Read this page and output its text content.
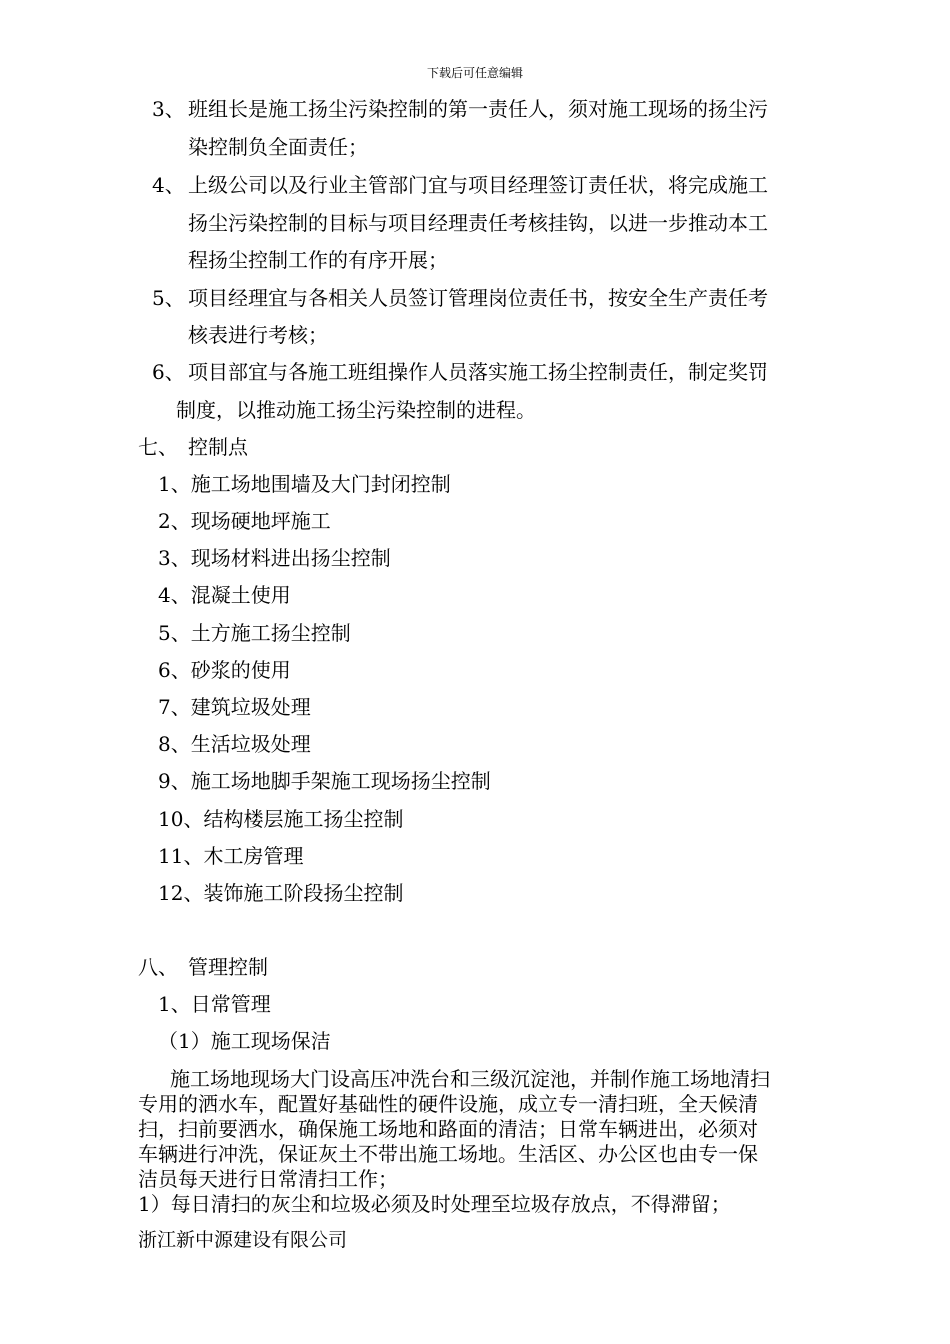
下载后可任意编辑
3、 班组长是施工扬尘污染控制的第一责任人，须对施工现场的扬尘污
染控制负全面责任；
4、 上级公司以及行业主管部门宜与项目经理签订责任状，将完成施工
扬尘污染控制的目标与项目经理责任考核挂钩，以进一步推动本工
程扬尘控制工作的有序开展；
5、 项目经理宜与各相关人员签订管理岗位责任书，按安全生产责任考
核表进行考核；
6、 项目部宜与各施工班组操作人员落实施工扬尘控制责任，制定奖罚
制度，以推动施工扬尘污染控制的进程。
七、　控制点
1、施工场地围墙及大门封闭控制
2、现场硬地坪施工
3、现场材料进出扬尘控制
4、混凝土使用
5、土方施工扬尘控制
6、砂浆的使用
7、建筑垃圾处理
8、生活垃圾处理
9、施工场地脚手架施工现场扬尘控制
10、结构楼层施工扬尘控制
11、木工房管理
12、装饰施工阶段扬尘控制
八、　管理控制
1、日常管理
（1）施工现场保洁
施工场地现场大门设高压冲洗台和三级沉淀池，并制作施工场地清扫
专用的洒水车，配置好基础性的硬件设施，成立专一清扫班，全天候清
扫，扫前要洒水，确保施工场地和路面的清洁；日常车辆进出，必须对
车辆进行冲洗，保证灰土不带出施工场地。生活区、办公区也由专一保
洁员每天进行日常清扫工作；
1）每日清扫的灰尘和垃圾必须及时处理至垃圾存放点，不得滞留；
浙江新中源建设有限公司
